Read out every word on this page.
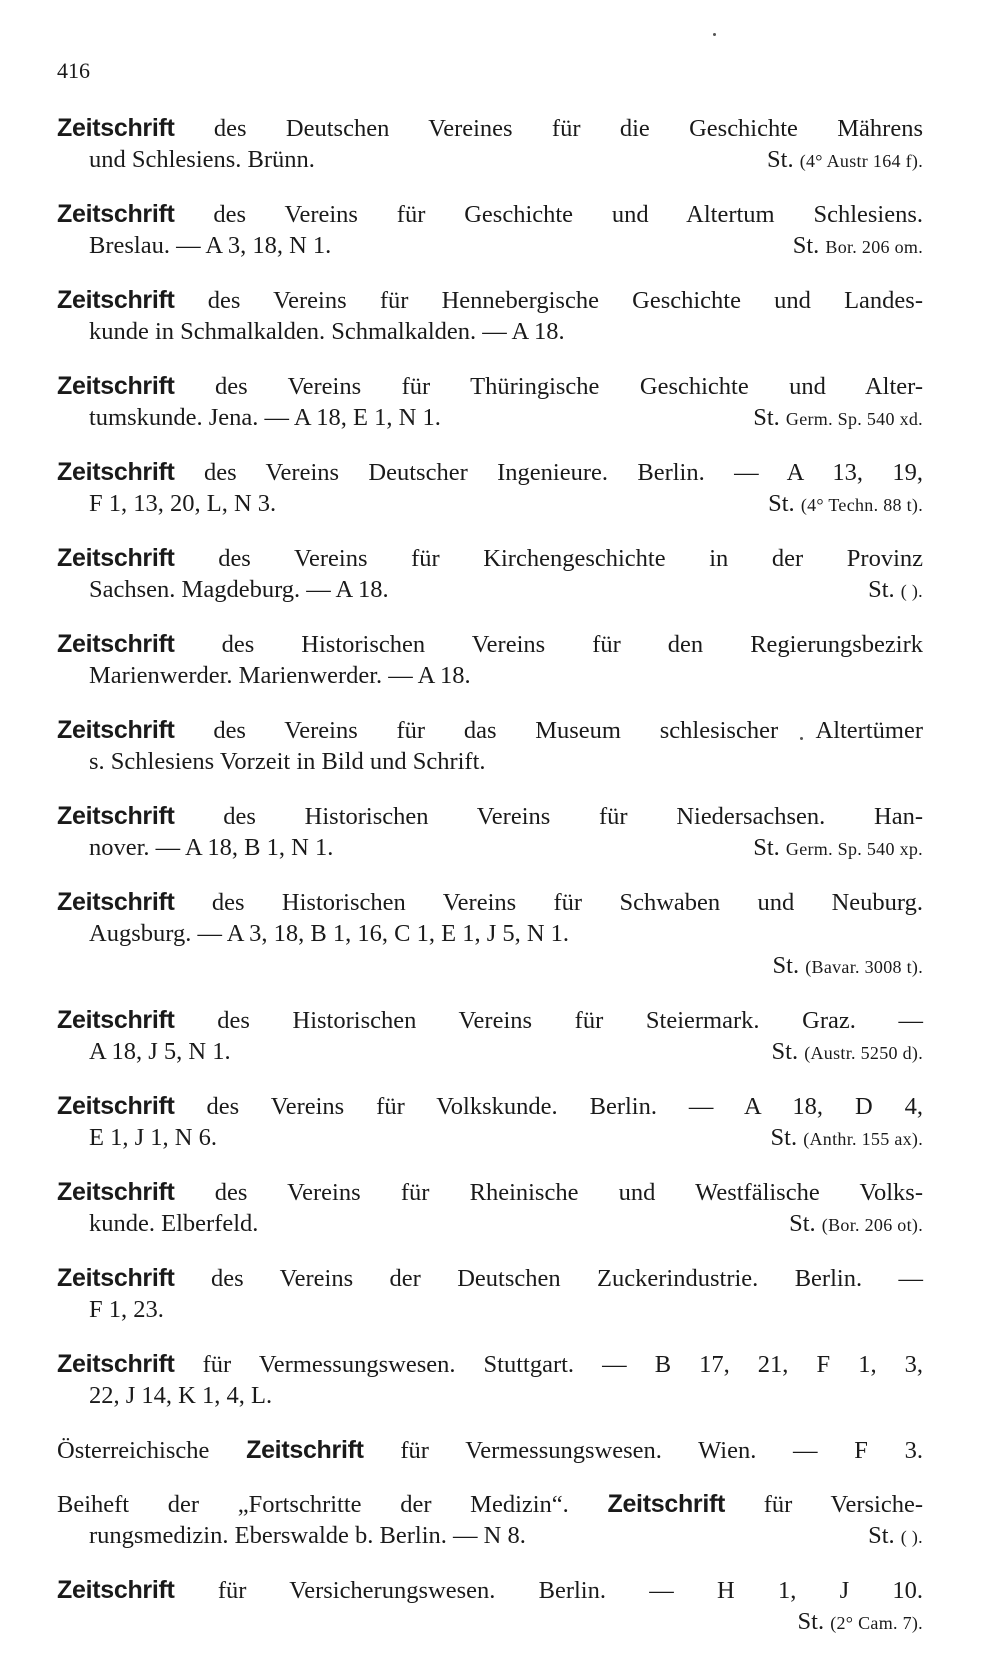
416
Zeitschrift des Deutschen Vereines für die Geschichte Mährens
und Schlesiens. Brünn.	St. (4° Austr 164 f).
Zeitschrift des Vereins für Geschichte und Altertum Schlesiens.
Breslau. — A 3, 18, N 1.	St. Bor. 206 om.
Zeitschrift des Vereins für Hennebergische Geschichte und Landes-
kunde in Schmalkalden. Schmalkalden. — A 18.
Zeitschrift des Vereins für Thüringische Geschichte und Alter-
tumskunde. Jena. — A 18, E 1, N 1.	St. Germ. Sp. 540 xd.
Zeitschrift des Vereins Deutscher Ingenieure. Berlin. — A 13, 19,
F 1, 13, 20, L, N 3.	St. (4° Techn. 88 t).
Zeitschrift des Vereins für Kirchengeschichte in der Provinz
Sachsen. Magdeburg. — A 18.	St. ( ).
Zeitschrift des Historischen Vereins für den Regierungsbezirk
Marienwerder. Marienwerder. — A 18.
Zeitschrift des Vereins für das Museum schlesischer Altertümer
s. Schlesiens Vorzeit in Bild und Schrift.
Zeitschrift des Historischen Vereins für Niedersachsen. Han-
nover. — A 18, B 1, N 1.	St. Germ. Sp. 540 xp.
Zeitschrift des Historischen Vereins für Schwaben und Neuburg.
Augsburg. — A 3, 18, B 1, 16, C 1, E 1, J 5, N 1.
St. (Bavar. 3008 t).
Zeitschrift des Historischen Vereins für Steiermark. Graz. —
A 18, J 5, N 1.	St. (Austr. 5250 d).
Zeitschrift des Vereins für Volkskunde. Berlin. — A 18, D 4,
E 1, J 1, N 6.	St. (Anthr. 155 ax).
Zeitschrift des Vereins für Rheinische und Westfälische Volks-
kunde. Elberfeld.	St. (Bor. 206 ot).
Zeitschrift des Vereins der Deutschen Zuckerindustrie. Berlin. —
F 1, 23.
Zeitschrift für Vermessungswesen. Stuttgart. — B 17, 21, F 1, 3,
22, J 14, K 1, 4, L.
Österreichische Zeitschrift für Vermessungswesen. Wien. — F 3.
Beiheft der „Fortschritte der Medizin“. Zeitschrift für Versiche-
rungsmedizin. Eberswalde b. Berlin. — N 8.	St. ( ).
Zeitschrift für Versicherungswesen. Berlin. — H 1, J 10.
St. (2° Cam. 7).
